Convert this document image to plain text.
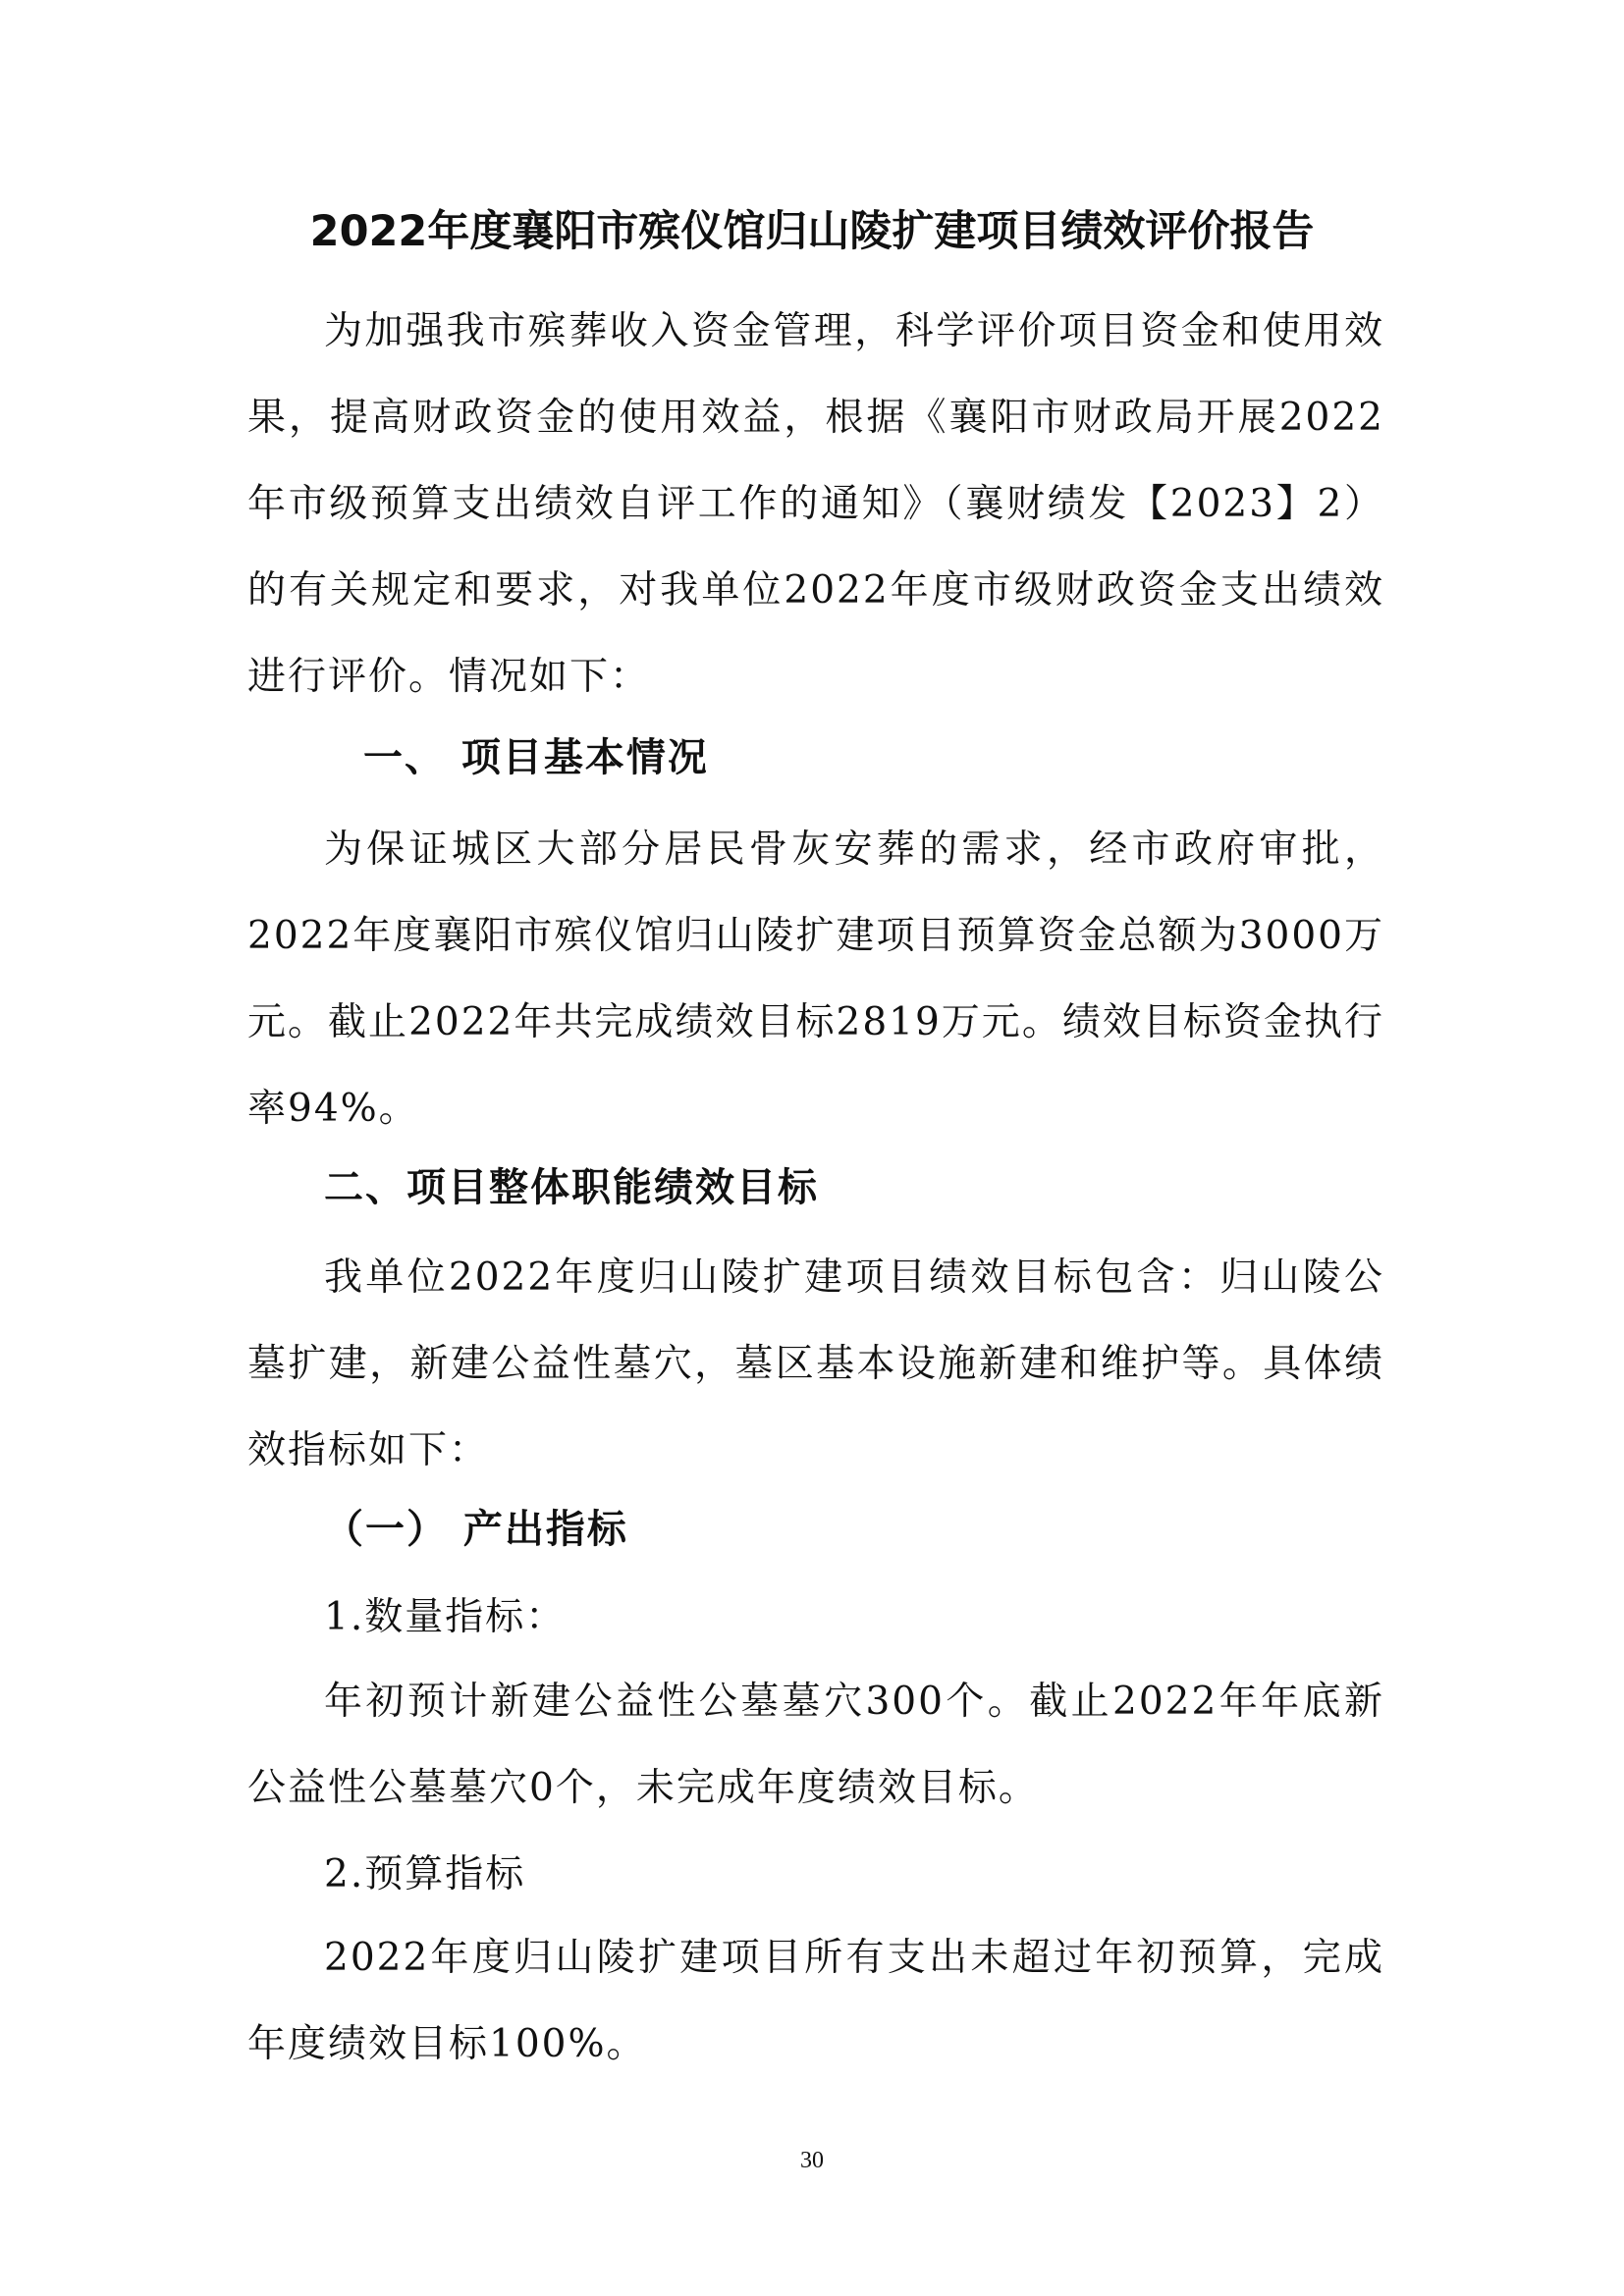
2022年度襄阳市殡仪馆归山陵扩建项目绩效评价报告

为加强我市殡葬收入资金管理，科学评价项目资金和使用效果，提高财政资金的使用效益，根据《襄阳市财政局开展2022年市级预算支出绩效自评工作的通知》（襄财绩发【2023】2）的有关规定和要求，对我单位2022年度市级财政资金支出绩效进行评价。情况如下：

一、 项目基本情况

为保证城区大部分居民骨灰安葬的需求，经市政府审批，2022年度襄阳市殡仪馆归山陵扩建项目预算资金总额为3000万元。截止2022年共完成绩效目标2819万元。绩效目标资金执行率94%。

二、项目整体职能绩效目标

我单位2022年度归山陵扩建项目绩效目标包含：归山陵公墓扩建，新建公益性墓穴，墓区基本设施新建和维护等。具体绩效指标如下：

（一） 产出指标

1.数量指标：

年初预计新建公益性公墓墓穴300个。截止2022年年底新公益性公墓墓穴0个，未完成年度绩效目标。

2.预算指标

2022年度归山陵扩建项目所有支出未超过年初预算，完成年度绩效目标100%。

30
